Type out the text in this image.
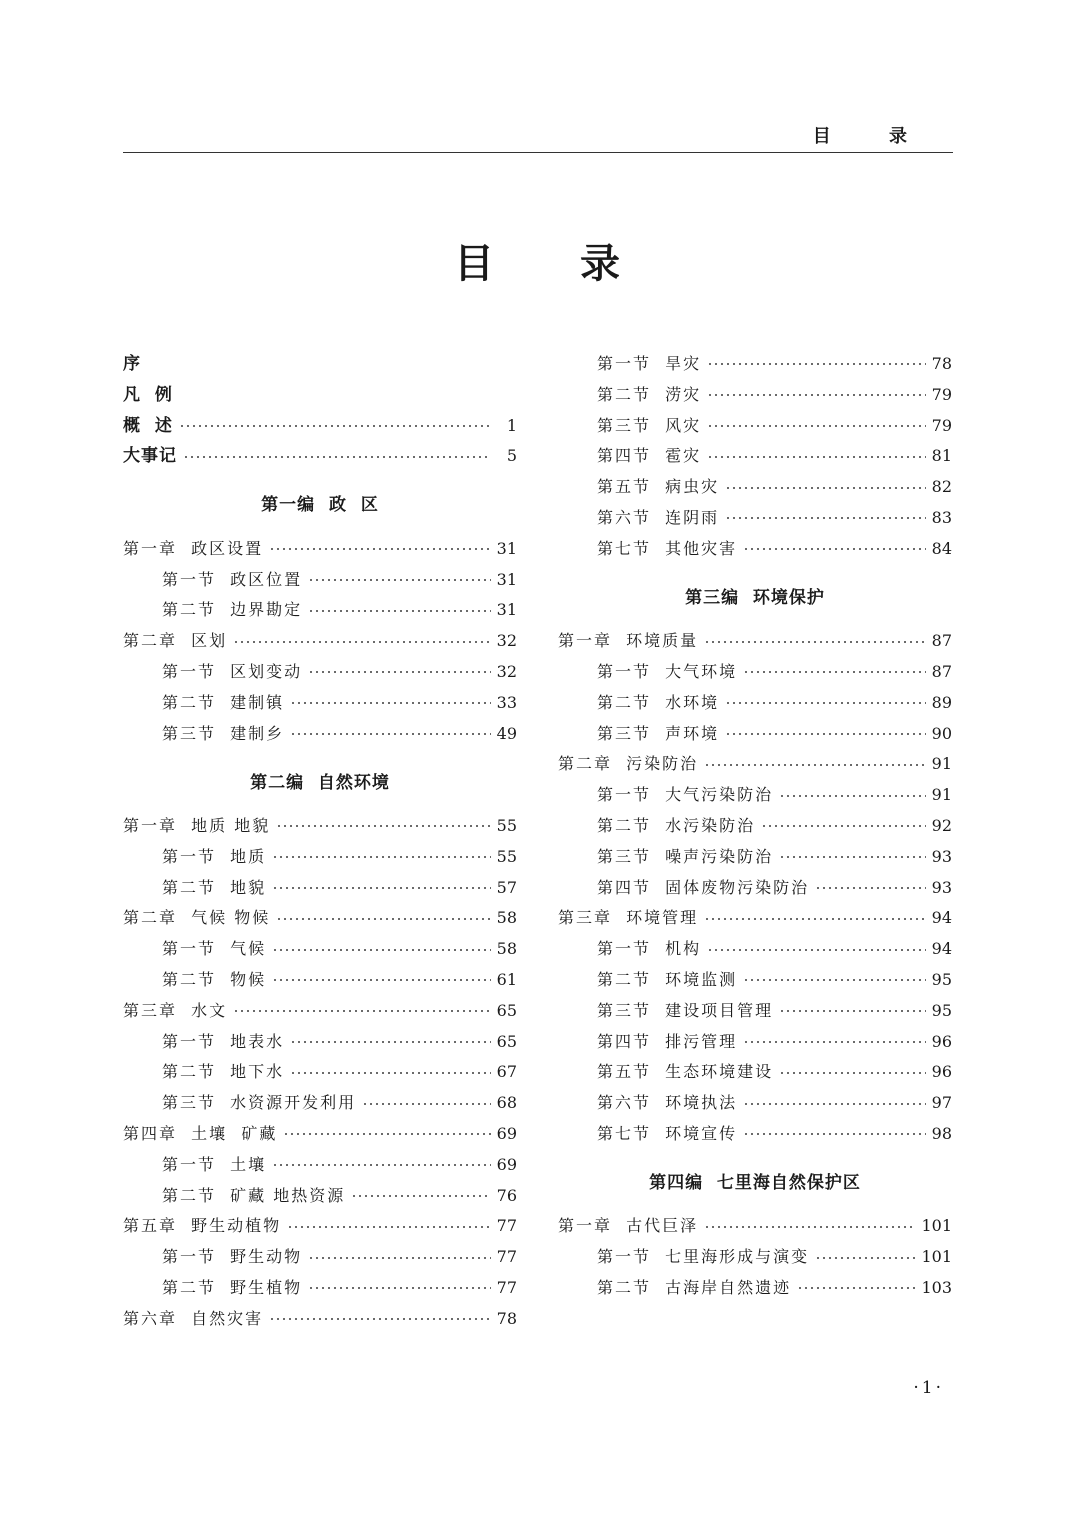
目 录
目录
序
凡  例
概  述	1
大事记	5
第一编  政  区
第一章  政区设置	31
第一节  政区位置	31
第二节  边界勘定	31
第二章  区划	32
第一节  区划变动	32
第二节  建制镇	33
第三节  建制乡	49
第二编  自然环境
第一章  地质 地貌	55
第一节  地质	55
第二节  地貌	57
第二章  气候 物候	58
第一节  气候	58
第二节  物候	61
第三章  水文	65
第一节  地表水	65
第二节  地下水	67
第三节  水资源开发利用	68
第四章  土壤  矿藏	69
第一节  土壤	69
第二节  矿藏 地热资源	76
第五章  野生动植物	77
第一节  野生动物	77
第二节  野生植物	77
第六章  自然灾害	78
第一节  旱灾	78
第二节  涝灾	79
第三节  风灾	79
第四节  雹灾	81
第五节  病虫灾	82
第六节  连阴雨	83
第七节  其他灾害	84
第三编  环境保护
第一章  环境质量	87
第一节  大气环境	87
第二节  水环境	89
第三节  声环境	90
第二章  污染防治	91
第一节  大气污染防治	91
第二节  水污染防治	92
第三节  噪声污染防治	93
第四节  固体废物污染防治	93
第三章  环境管理	94
第一节  机构	94
第二节  环境监测	95
第三节  建设项目管理	95
第四节  排污管理	96
第五节  生态环境建设	96
第六节  环境执法	97
第七节  环境宣传	98
第四编  七里海自然保护区
第一章  古代巨泽	101
第一节  七里海形成与演变	101
第二节  古海岸自然遗迹	103
·1·
